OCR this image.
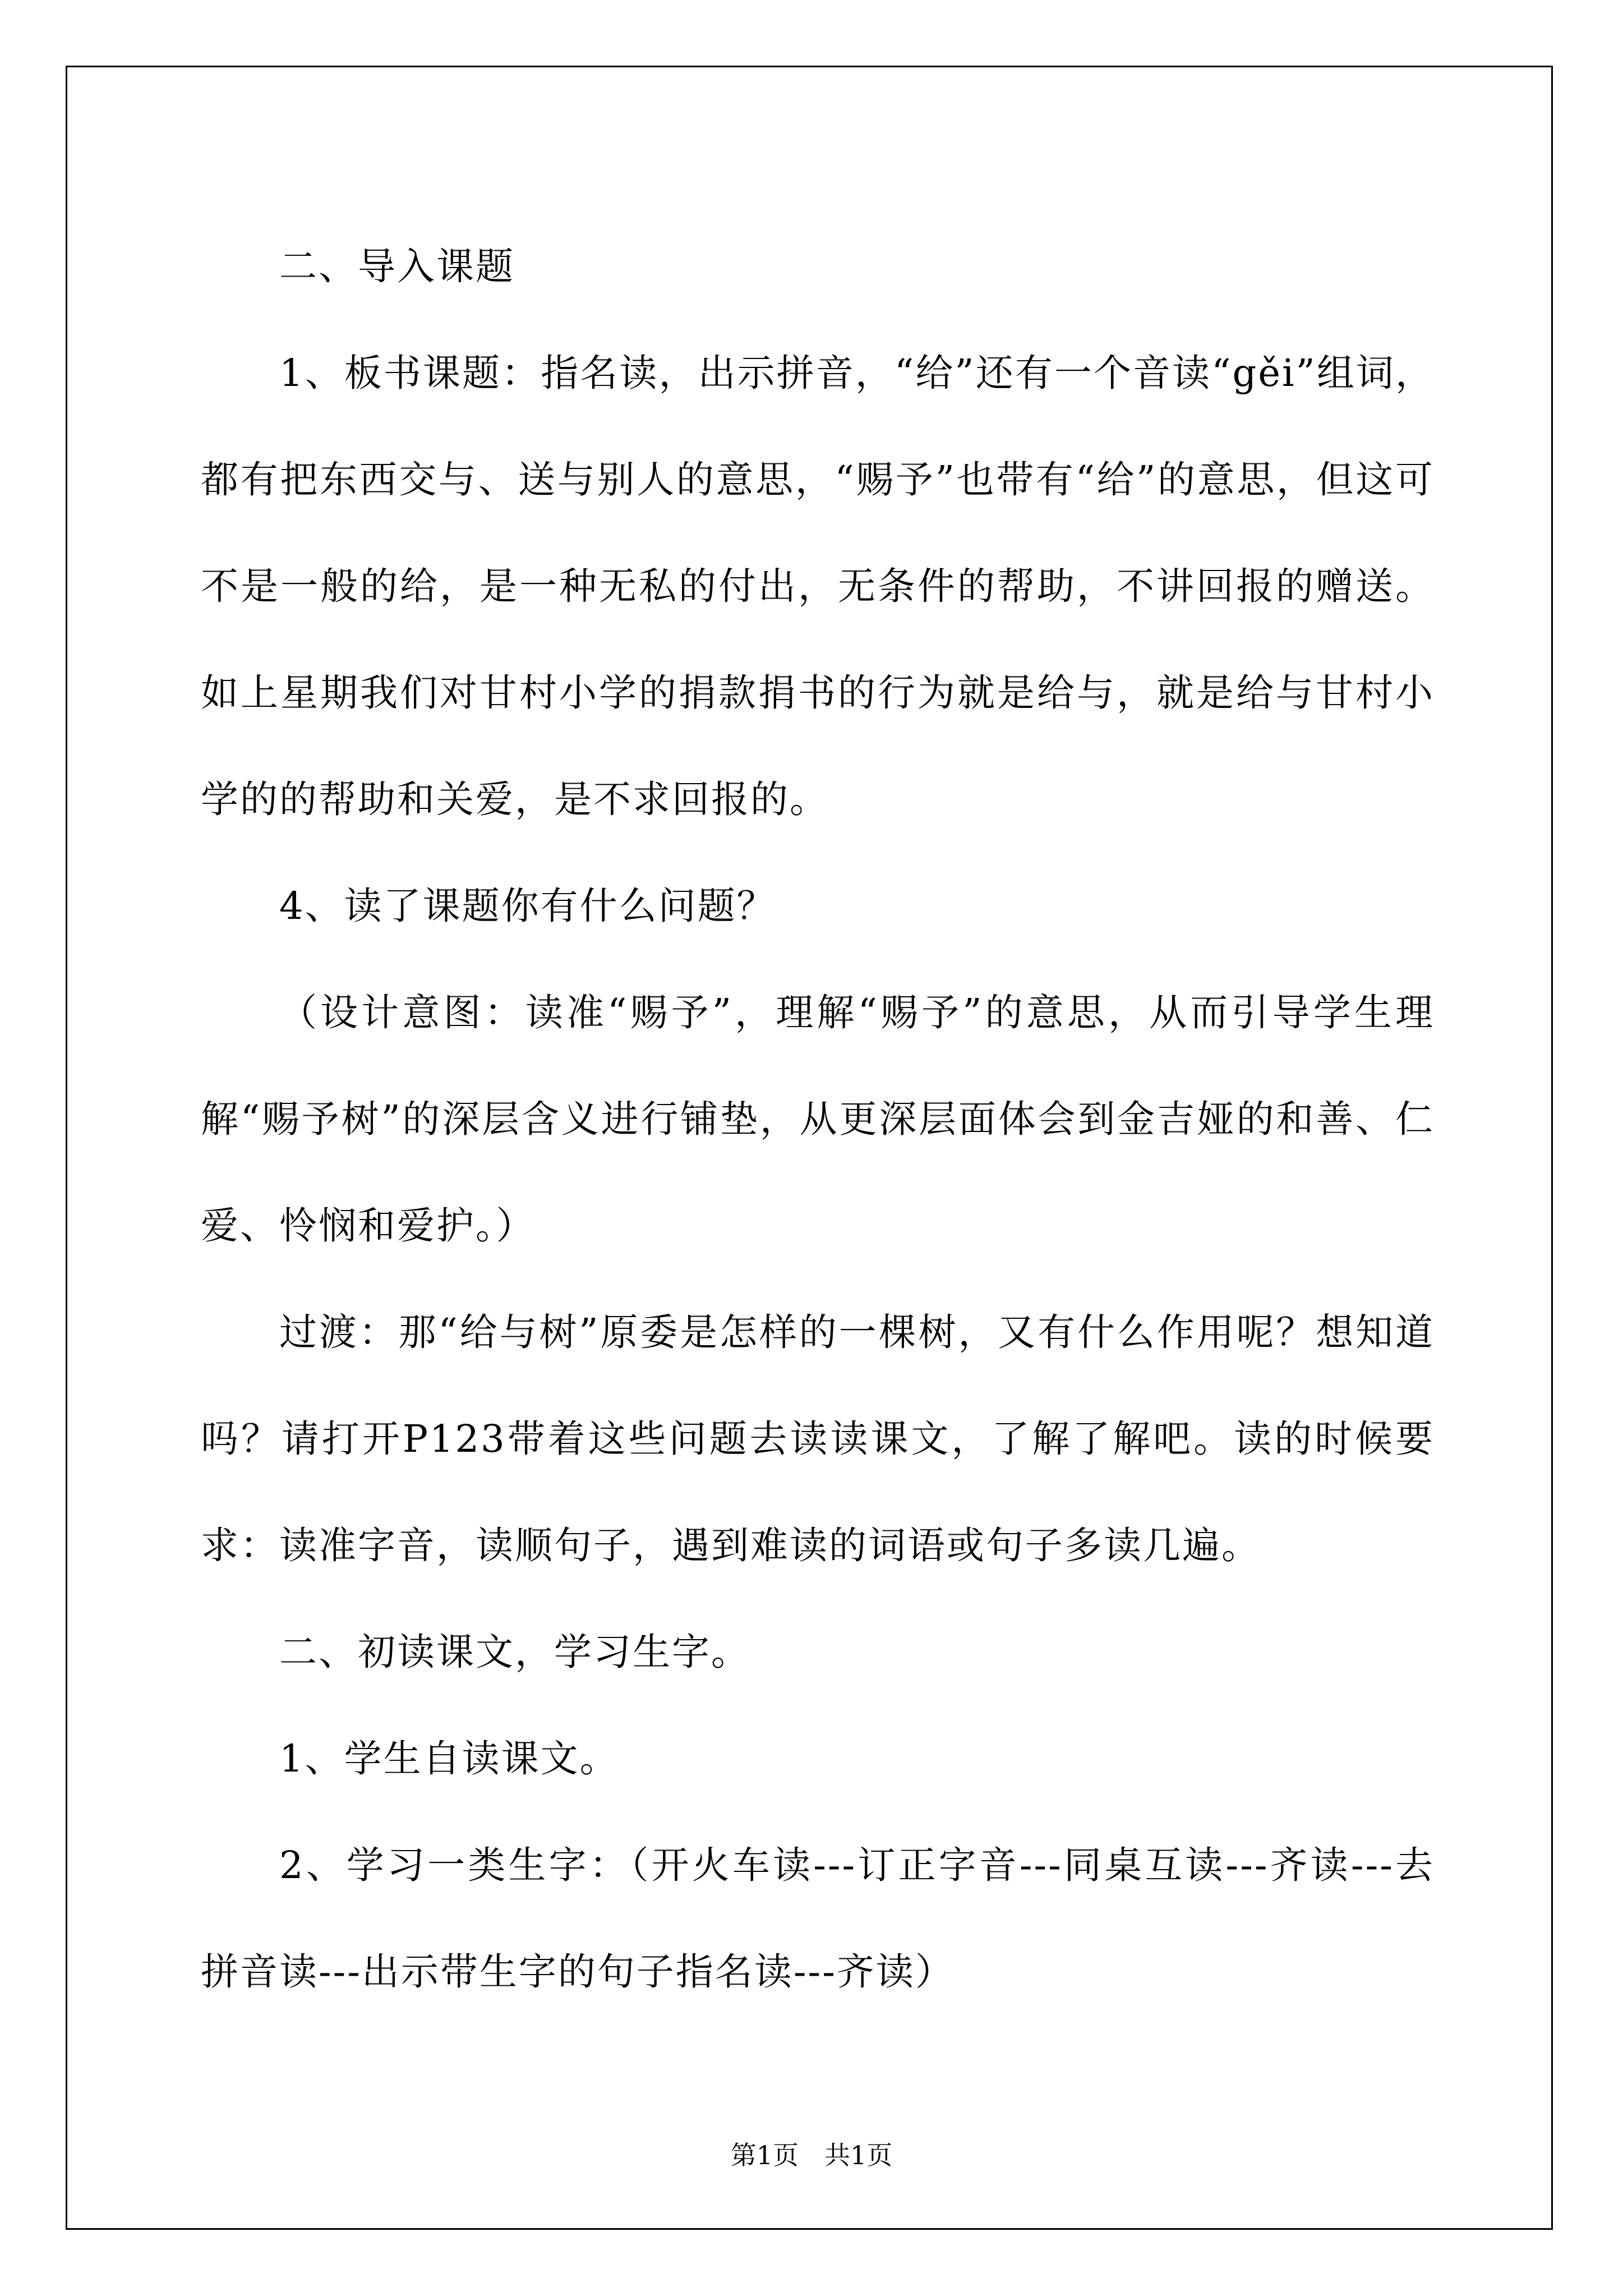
二、导入课题

1、板书课题：指名读，出示拼音，“给”还有一个音读“gěi”组词，都有把东西交与、送与别人的意思，“赐予”也带有“给”的意思，但这可不是一般的给，是一种无私的付出，无条件的帮助，不讲回报的赠送。如上星期我们对甘村小学的捐款捐书的行为就是给与，就是给与甘村小学的的帮助和关爱，是不求回报的。

4、读了课题你有什么问题？

（设计意图：读准“赐予”，理解“赐予”的意思，从而引导学生理解“赐予树”的深层含义进行铺垫，从更深层面体会到金吉娅的和善、仁爱、怜悯和爱护。）

过渡：那“给与树”原委是怎样的一棵树，又有什么作用呢？想知道吗？请打开P123带着这些问题去读读课文，了解了解吧。读的时候要求：读准字音，读顺句子，遇到难读的词语或句子多读几遍。

二、初读课文，学习生字。

1、学生自读课文。

2、学习一类生字：（开火车读---订正字音---同桌互读---齐读---去拼音读---出示带生字的句子指名读---齐读）

第1页 共1页
